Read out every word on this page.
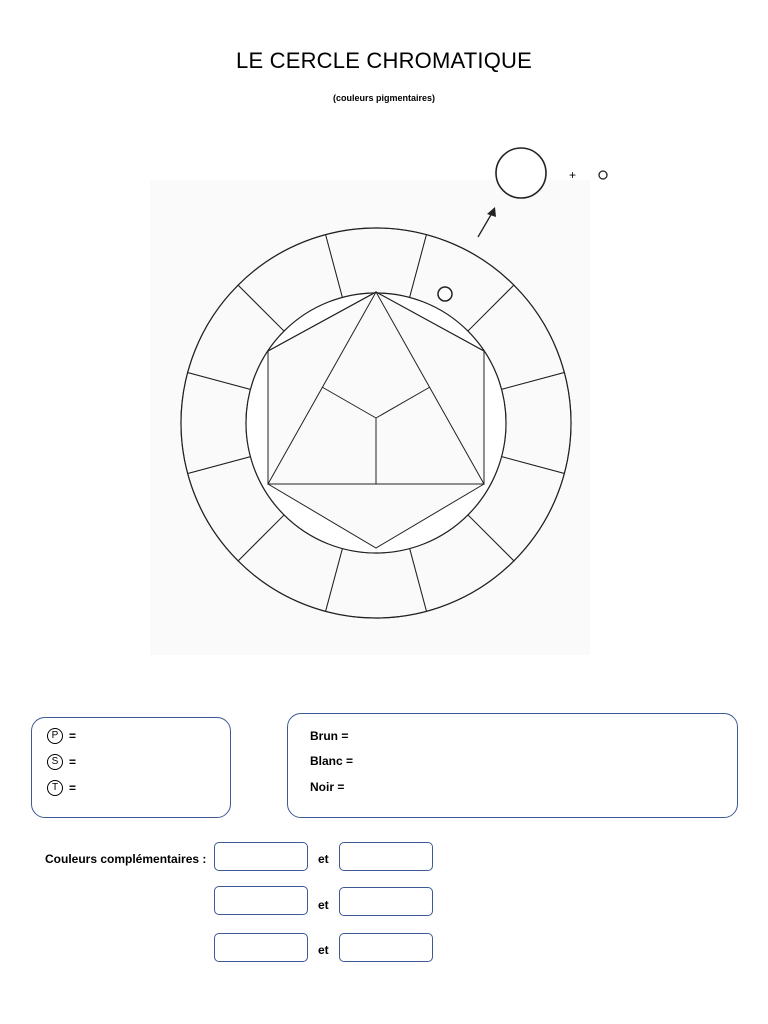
LE CERCLE CHROMATIQUE
(couleurs pigmentaires)
+
P =
S =
T =
Brun =
Blanc =
Noir =
Couleurs complémentaires :	et
et
et
